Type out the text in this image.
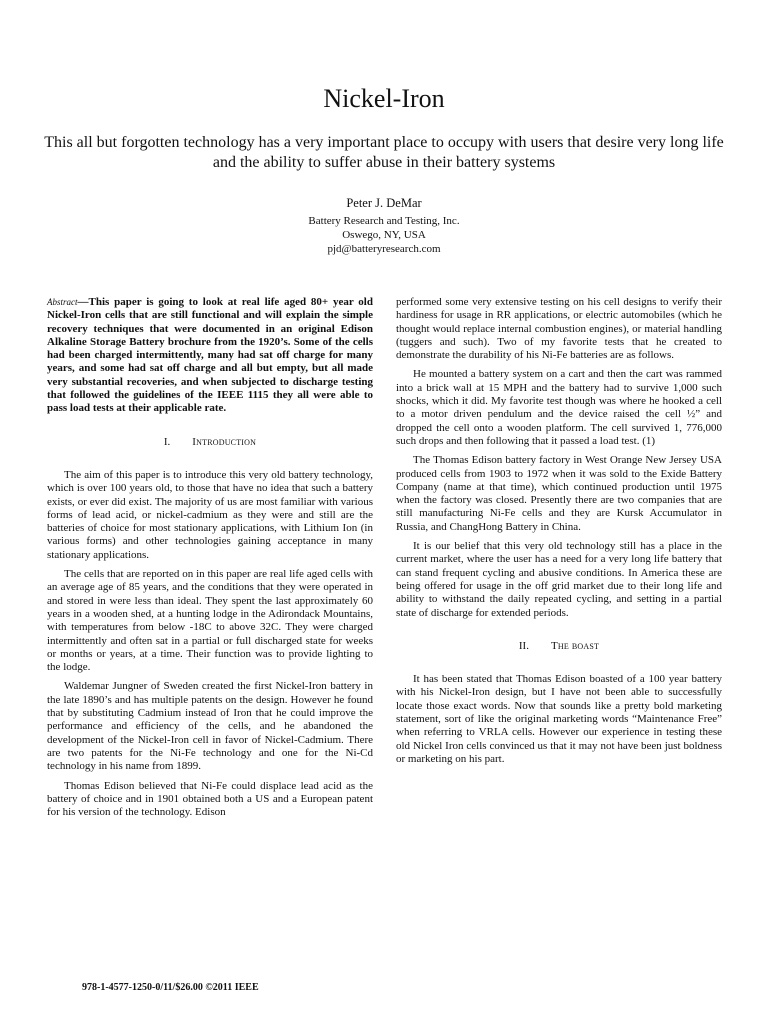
Nickel-Iron
This all but forgotten technology has a very important place to occupy with users that desire very long life and the ability to suffer abuse in their battery systems
Peter J. DeMar
Battery Research and Testing, Inc.
Oswego, NY, USA
pjd@batteryresearch.com

Abstract—This paper is going to look at real life aged 80+ year old Nickel-Iron cells that are still functional and will explain the simple recovery techniques that were documented in an original Edison Alkaline Storage Battery brochure from the 1920’s. Some of the cells had been charged intermittently, many had sat off charge for many years, and some had sat off charge and all but empty, but all made very substantial recoveries, and when subjected to discharge testing that followed the guidelines of the IEEE 1115 they all were able to pass load tests at their applicable rate.

I. Introduction

The aim of this paper is to introduce this very old battery technology, which is over 100 years old, to those that have no idea that such a battery exists, or ever did exist. The majority of us are most familiar with various forms of lead acid, or nickel-cadmium as they were and still are the batteries of choice for most stationary applications, with Lithium Ion (in various forms) and other technologies gaining acceptance in many stationary applications.

The cells that are reported on in this paper are real life aged cells with an average age of 85 years, and the conditions that they were operated in and stored in were less than ideal. They spent the last approximately 60 years in a wooden shed, at a hunting lodge in the Adirondack Mountains, with temperatures from below -18C to above 32C. They were charged intermittently and often sat in a partial or full discharged state for weeks or months or years, at a time. Their function was to provide lighting to the lodge.

Waldemar Jungner of Sweden created the first Nickel-Iron battery in the late 1890’s and has multiple patents on the design. However he found that by substituting Cadmium instead of Iron that he could improve the performance and efficiency of the cells, and he abandoned the development of the Nickel-Iron cell in favor of Nickel-Cadmium. There are two patents for the Ni-Fe technology and one for the Ni-Cd technology in his name from 1899.

Thomas Edison believed that Ni-Fe could displace lead acid as the battery of choice and in 1901 obtained both a US and a European patent for his version of the technology. Edison

performed some very extensive testing on his cell designs to verify their hardiness for usage in RR applications, or electric automobiles (which he thought would replace internal combustion engines), or material handling (tuggers and such). Two of my favorite tests that he created to demonstrate the durability of his Ni-Fe batteries are as follows.

He mounted a battery system on a cart and then the cart was rammed into a brick wall at 15 MPH and the battery had to survive 1,000 such shocks, which it did. My favorite test though was where he hooked a cell to a motor driven pendulum and the device raised the cell ½” and dropped the cell onto a wooden platform. The cell survived 1, 776,000 such drops and then following that it passed a load test. (1)

The Thomas Edison battery factory in West Orange New Jersey USA produced cells from 1903 to 1972 when it was sold to the Exide Battery Company (name at that time), which continued production until 1975 when the factory was closed. Presently there are two companies that are still manufacturing Ni-Fe cells and they are Kursk Accumulator in Russia, and ChangHong Battery in China.

It is our belief that this very old technology still has a place in the current market, where the user has a need for a very long life battery that can stand frequent cycling and abusive conditions. In America these are being offered for usage in the off grid market due to their long life and ability to withstand the daily repeated cycling, and setting in a partial state of discharge for extended periods.

II. The boast

It has been stated that Thomas Edison boasted of a 100 year battery with his Nickel-Iron design, but I have not been able to successfully locate those exact words. Now that sounds like a pretty bold marketing statement, sort of like the original marketing words “Maintenance Free” when referring to VRLA cells. However our experience in testing these old Nickel Iron cells convinced us that it may not have been just boldness or marketing on his part.

978-1-4577-1250-0/11/$26.00 ©2011 IEEE
